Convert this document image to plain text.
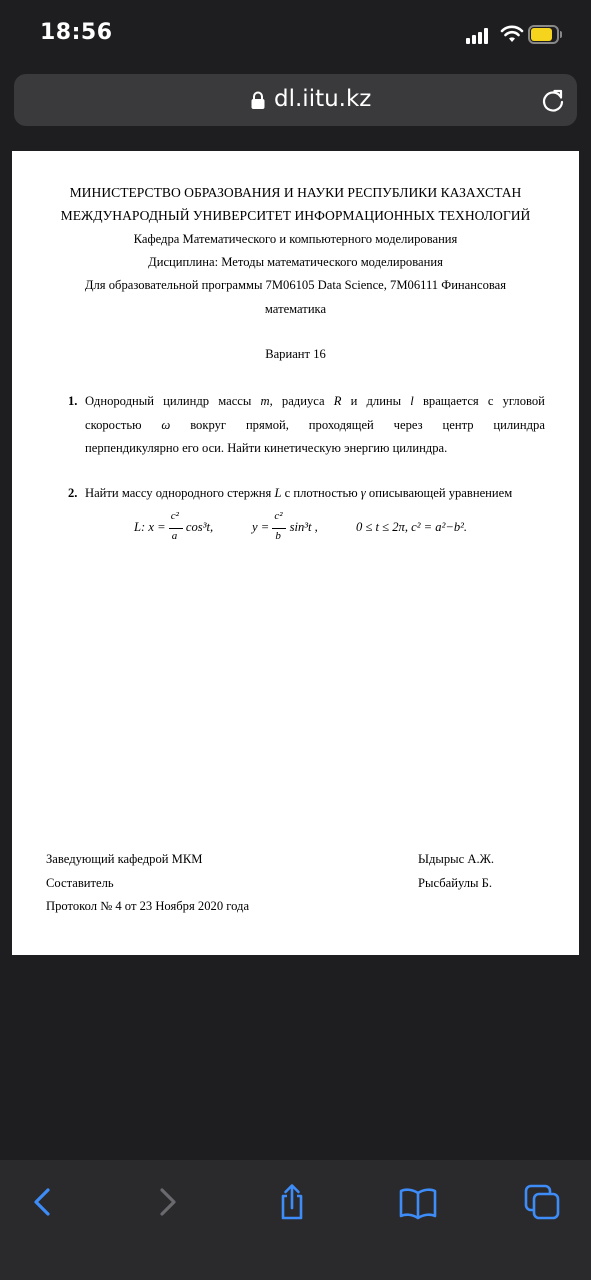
18:56
dl.iitu.kz
МИНИСТЕРСТВО ОБРАЗОВАНИЯ И НАУКИ РЕСПУБЛИКИ КАЗАХСТАН
МЕЖДУНАРОДНЫЙ УНИВЕРСИТЕТ ИНФОРМАЦИОННЫХ ТЕХНОЛОГИЙ
Кафедра Математического и компьютерного моделирования
Дисциплина: Методы математического моделирования
Для образовательной программы 7M06105 Data Science, 7M06111 Финансовая
математика
Вариант 16
1. Однородный цилиндр массы m, радиуса R и длины l вращается с угловой
скоростью ω вокруг прямой, проходящей через центр цилиндра
перпендикулярно его оси. Найти кинетическую энергию цилиндра.
2. Найти массу однородного стержня L с плотностью γ описывающей уравнением
L: $x = \frac{\text{c²}}{a} \cos^3t$,	$y = \frac{\text{c²}}{b} \sin^3t$ ,	0 ≤ t ≤ 2π, c² = a²−b².
Заведующий кафедрой МКМ	Ыдырыс А.Ж.
Составитель	Рысбайулы Б.
Протокол № 4 от 23 Ноября 2020 года
